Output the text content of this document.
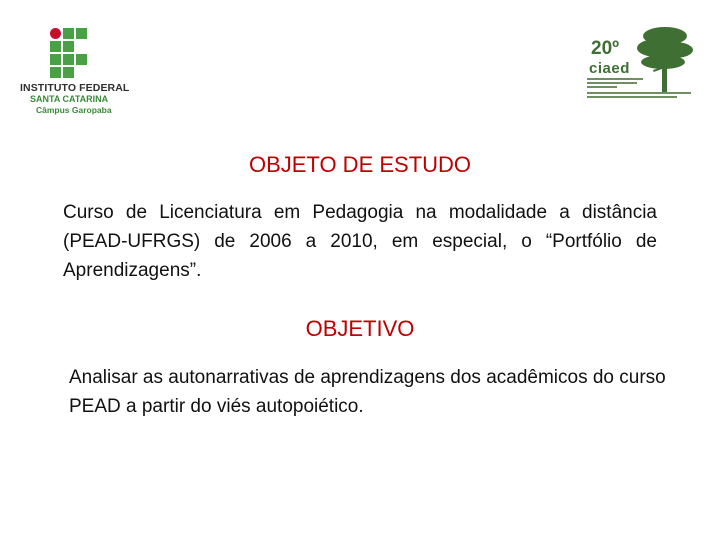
INSTITUTO FEDERAL
SANTA CATARINA
Câmpus Garopaba
20º
ciaed
OBJETO DE ESTUDO
Curso de Licenciatura em Pedagogia na modalidade a distância (PEAD-UFRGS) de 2006 a 2010, em especial, o “Portfólio de Aprendizagens”.
OBJETIVO
Analisar as autonarrativas de aprendizagens dos acadêmicos do curso PEAD a partir do viés autopoiético.
